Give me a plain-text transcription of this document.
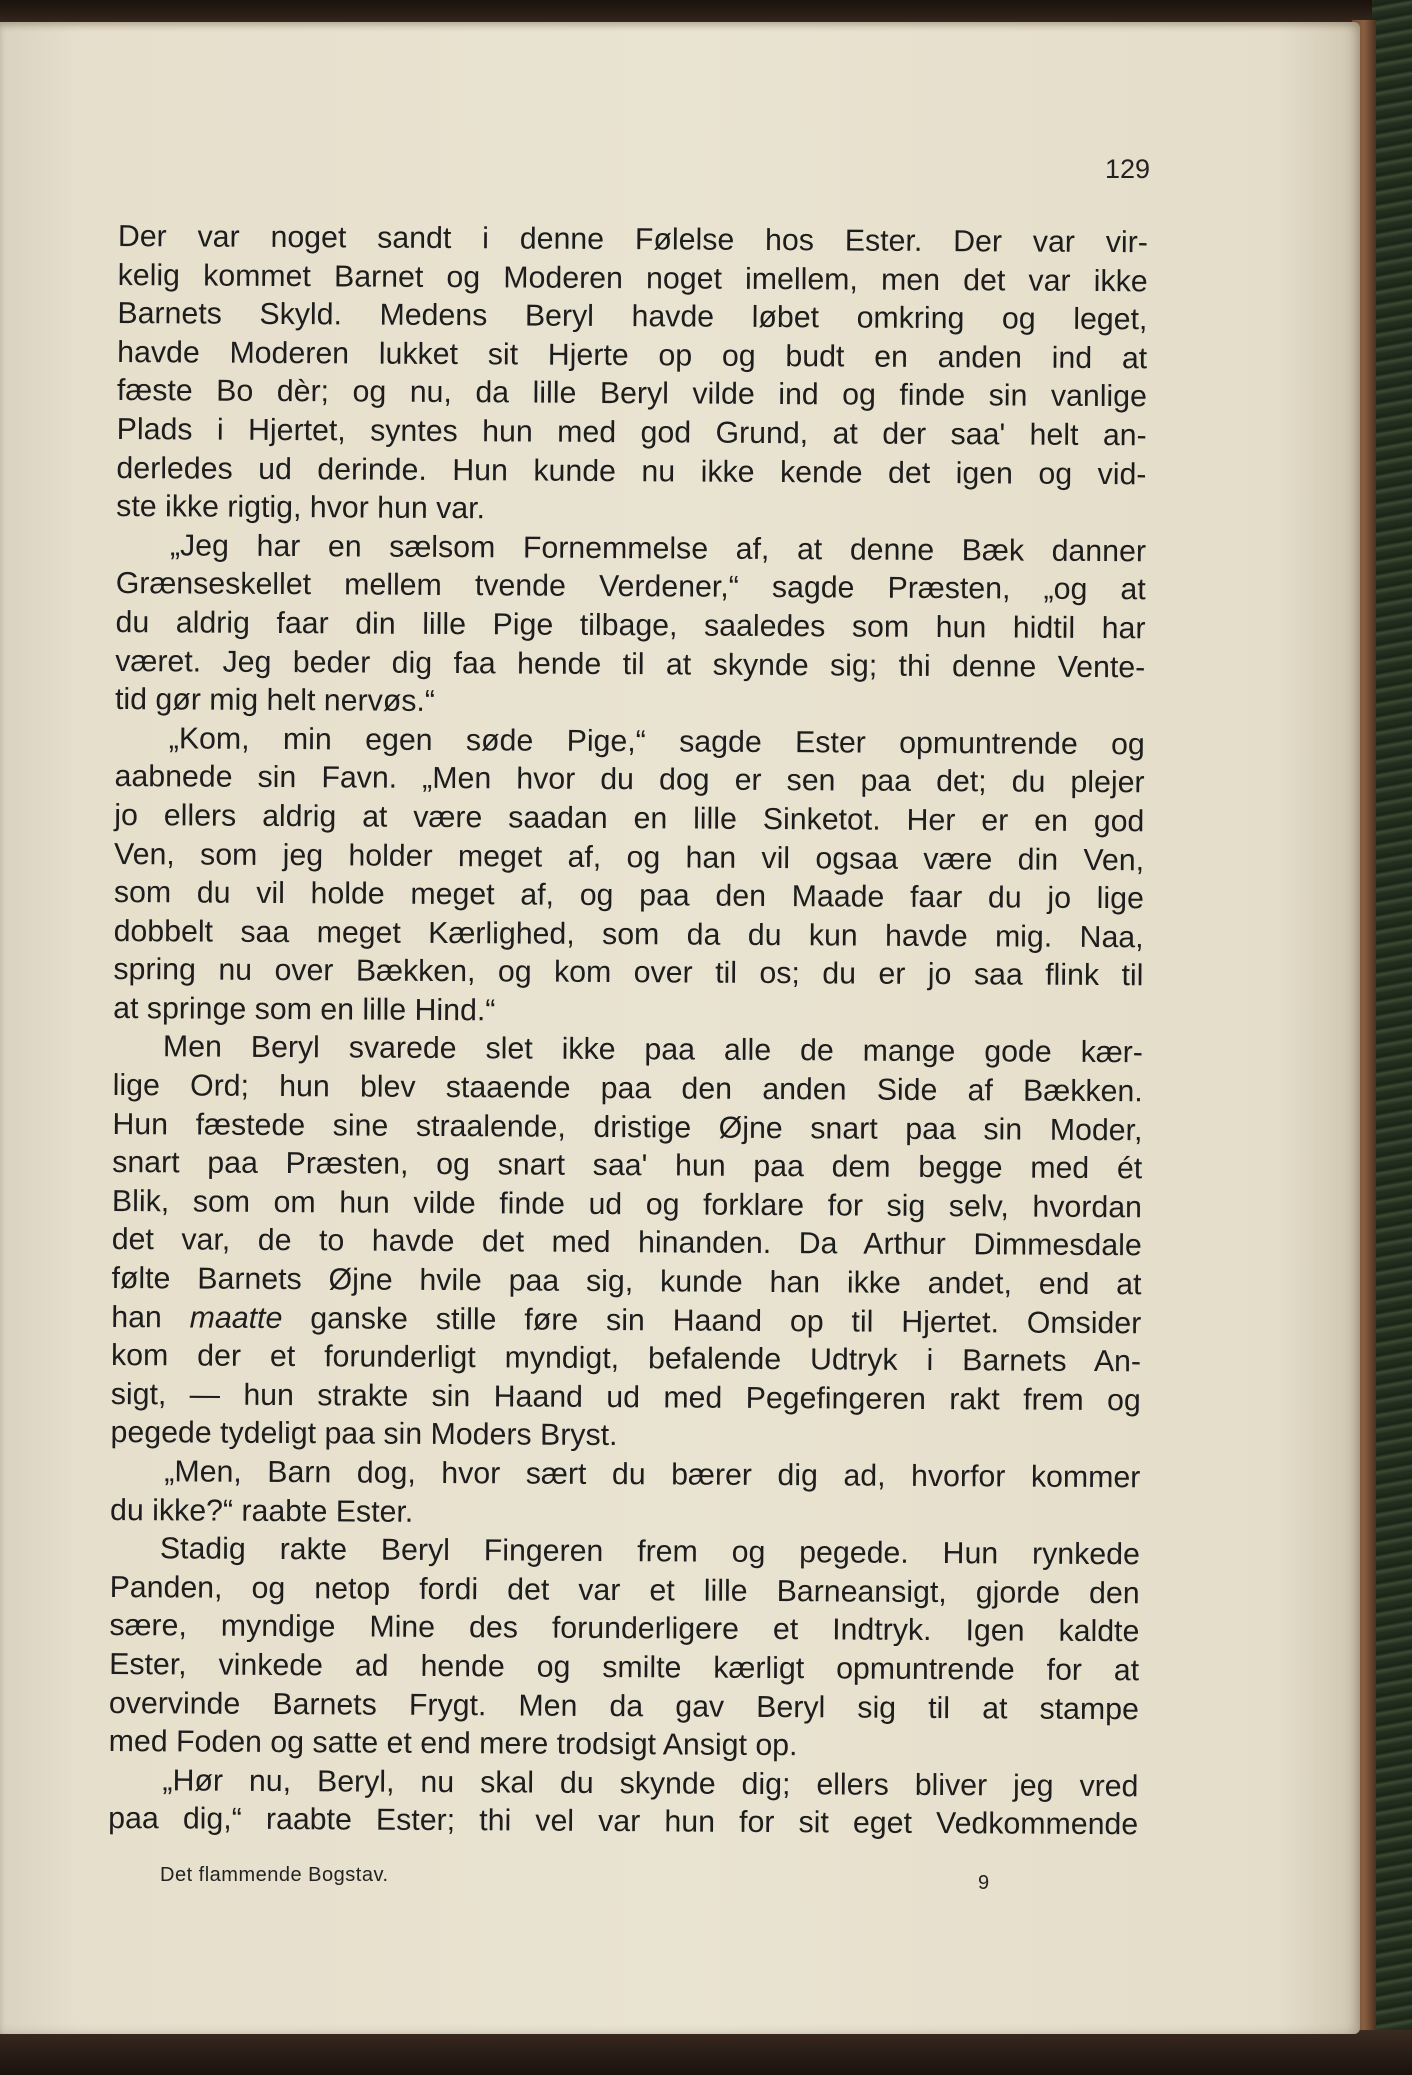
129
Der var noget sandt i denne Følelse hos Ester. Der var vir-
kelig kommet Barnet og Moderen noget imellem, men det var ikke
Barnets Skyld. Medens Beryl havde løbet omkring og leget,
havde Moderen lukket sit Hjerte op og budt en anden ind at
fæste Bo dèr; og nu, da lille Beryl vilde ind og finde sin vanlige
Plads i Hjertet, syntes hun med god Grund, at der saa' helt an-
derledes ud derinde. Hun kunde nu ikke kende det igen og vid-
ste ikke rigtig, hvor hun var.
„Jeg har en sælsom Fornemmelse af, at denne Bæk danner
Grænseskellet mellem tvende Verdener,“ sagde Præsten, „og at
du aldrig faar din lille Pige tilbage, saaledes som hun hidtil har
været. Jeg beder dig faa hende til at skynde sig; thi denne Vente-
tid gør mig helt nervøs.“
„Kom, min egen søde Pige,“ sagde Ester opmuntrende og
aabnede sin Favn. „Men hvor du dog er sen paa det; du plejer
jo ellers aldrig at være saadan en lille Sinketot. Her er en god
Ven, som jeg holder meget af, og han vil ogsaa være din Ven,
som du vil holde meget af, og paa den Maade faar du jo lige
dobbelt saa meget Kærlighed, som da du kun havde mig. Naa,
spring nu over Bækken, og kom over til os; du er jo saa flink til
at springe som en lille Hind.“
Men Beryl svarede slet ikke paa alle de mange gode kær-
lige Ord; hun blev staaende paa den anden Side af Bækken.
Hun fæstede sine straalende, dristige Øjne snart paa sin Moder,
snart paa Præsten, og snart saa' hun paa dem begge med ét
Blik, som om hun vilde finde ud og forklare for sig selv, hvordan
det var, de to havde det med hinanden. Da Arthur Dimmesdale
følte Barnets Øjne hvile paa sig, kunde han ikke andet, end at
han maatte ganske stille føre sin Haand op til Hjertet. Omsider
kom der et forunderligt myndigt, befalende Udtryk i Barnets An-
sigt, — hun strakte sin Haand ud med Pegefingeren rakt frem og
pegede tydeligt paa sin Moders Bryst.
„Men, Barn dog, hvor sært du bærer dig ad, hvorfor kommer
du ikke?“ raabte Ester.
Stadig rakte Beryl Fingeren frem og pegede. Hun rynkede
Panden, og netop fordi det var et lille Barneansigt, gjorde den
sære, myndige Mine des forunderligere et Indtryk. Igen kaldte
Ester, vinkede ad hende og smilte kærligt opmuntrende for at
overvinde Barnets Frygt. Men da gav Beryl sig til at stampe
med Foden og satte et end mere trodsigt Ansigt op.
„Hør nu, Beryl, nu skal du skynde dig; ellers bliver jeg vred
paa dig,“ raabte Ester; thi vel var hun for sit eget Vedkommende
Det flammende Bogstav.	9
